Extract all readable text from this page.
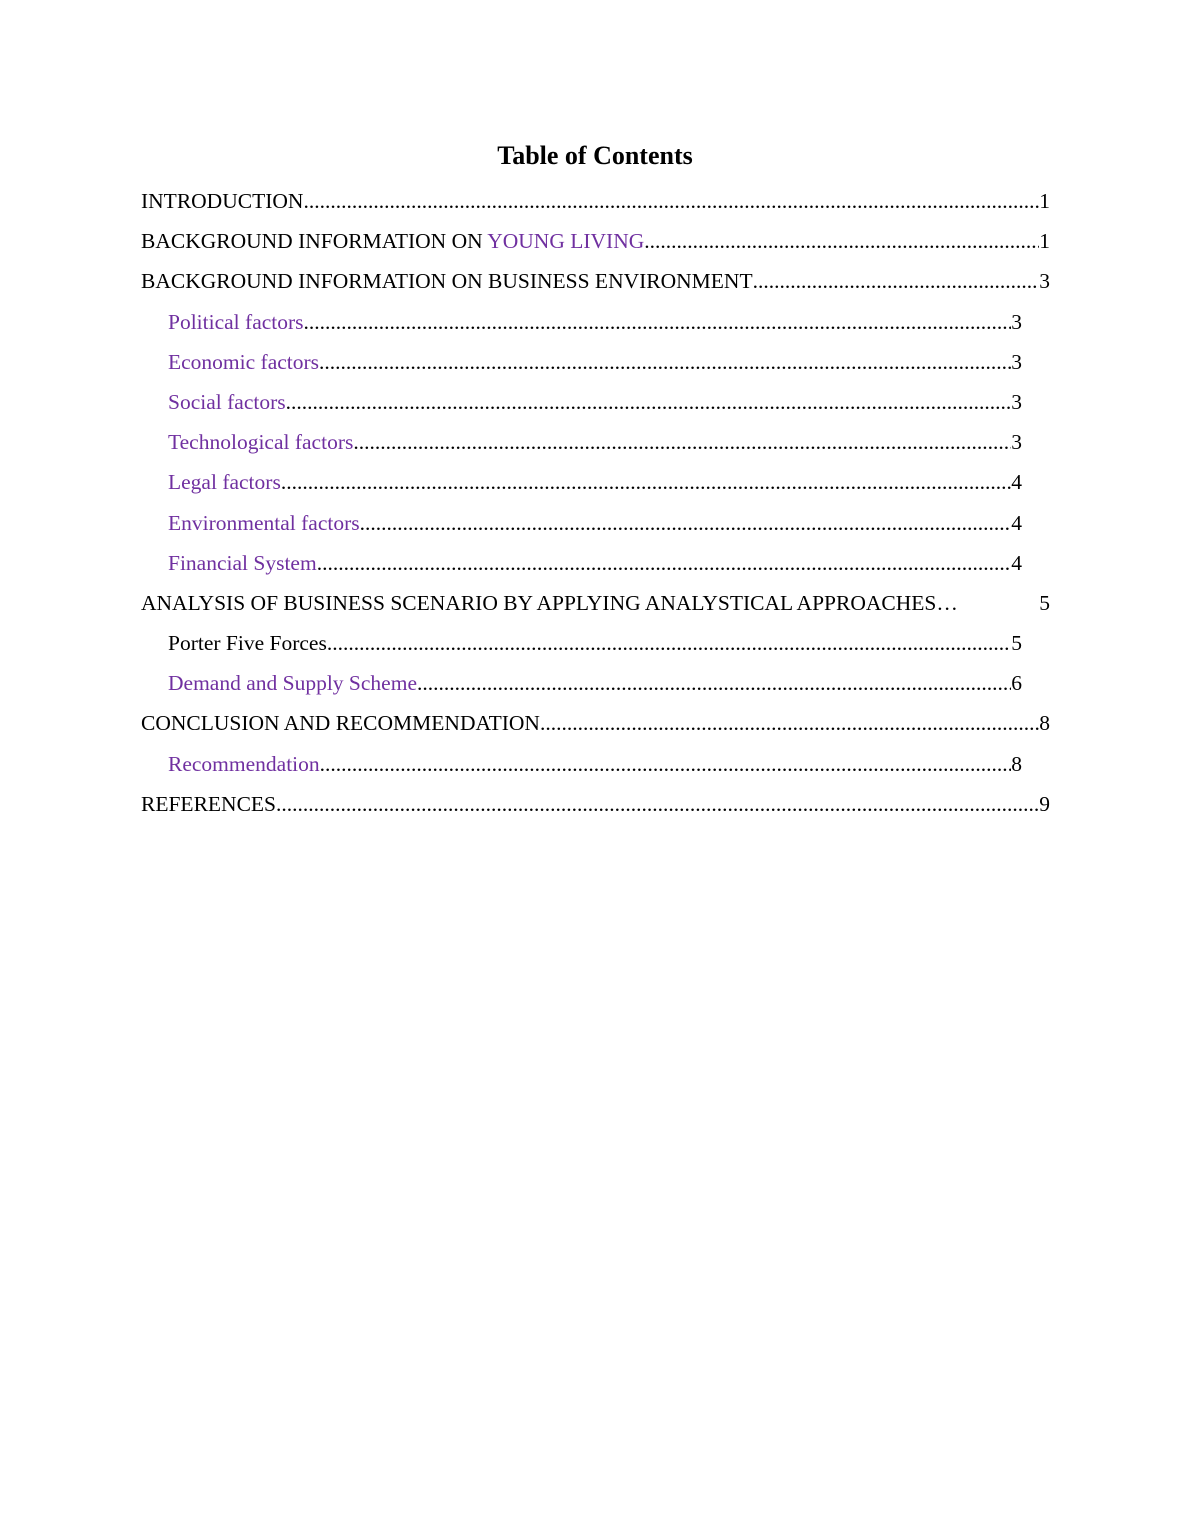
Table of Contents
INTRODUCTION .....	1
BACKGROUND INFORMATION ON YOUNG LIVING .....	1
BACKGROUND INFORMATION ON BUSINESS ENVIRONMENT .....	3
Political factors .....	3
Economic factors .....	3
Social factors .....	3
Technological factors .....	3
Legal factors .....	4
Environmental factors .....	4
Financial System .....	4
ANALYSIS OF BUSINESS SCENARIO BY APPLYING ANALYSTICAL APPROACHES …	5
Porter Five Forces .....	5
Demand and Supply Scheme .....	6
CONCLUSION AND RECOMMENDATION .....	8
Recommendation .....	8
REFERENCES .....	9
